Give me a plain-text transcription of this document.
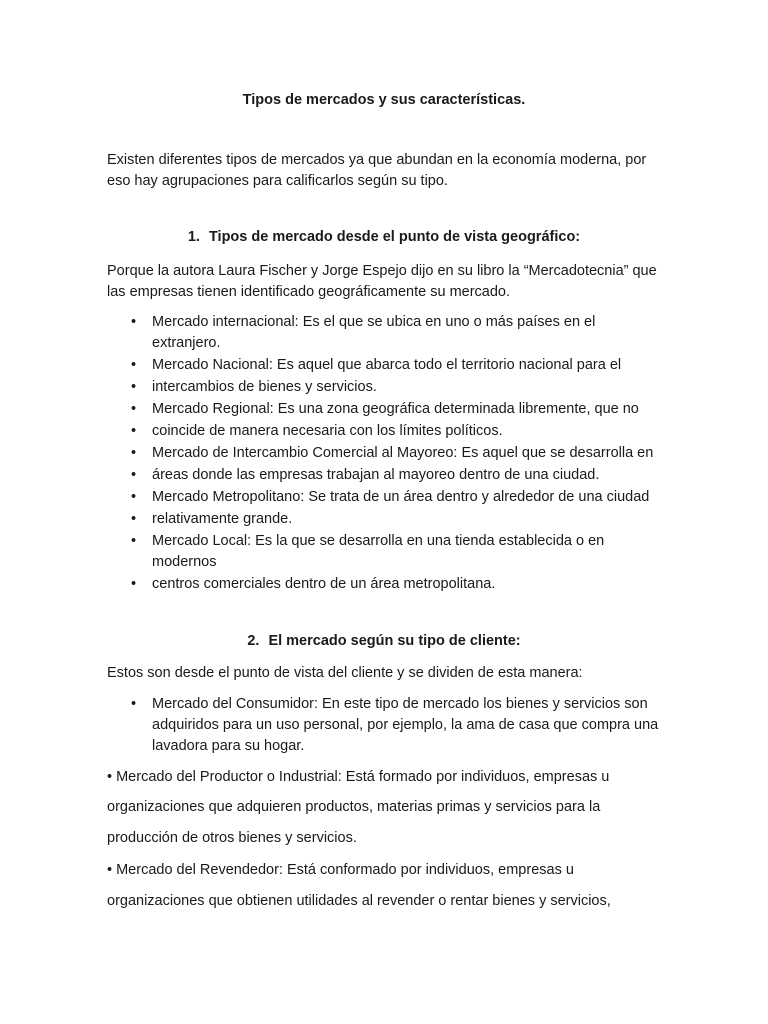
Tipos de mercados y sus características.
Existen diferentes tipos de mercados ya que abundan en la economía moderna, por eso hay agrupaciones para calificarlos según su tipo.
1. Tipos de mercado desde el punto de vista geográfico:
Porque la autora Laura Fischer y Jorge Espejo dijo en su libro la “Mercadotecnia” que las empresas tienen identificado geográficamente su mercado.
• Mercado internacional: Es el que se ubica en uno o más países en el extranjero.
• Mercado Nacional: Es aquel que abarca todo el territorio nacional para el
• intercambios de bienes y servicios.
• Mercado Regional: Es una zona geográfica determinada libremente, que no
• coincide de manera necesaria con los límites políticos.
• Mercado de Intercambio Comercial al Mayoreo: Es aquel que se desarrolla en
• áreas donde las empresas trabajan al mayoreo dentro de una ciudad.
• Mercado Metropolitano: Se trata de un área dentro y alrededor de una ciudad
• relativamente grande.
• Mercado Local: Es la que se desarrolla en una tienda establecida o en modernos
• centros comerciales dentro de un área metropolitana.
2. El mercado según su tipo de cliente:
Estos son desde el punto de vista del cliente y se dividen de esta manera:
• Mercado del Consumidor: En este tipo de mercado los bienes y servicios son adquiridos para un uso personal, por ejemplo, la ama de casa que compra una lavadora para su hogar.
• Mercado del Productor o Industrial: Está formado por individuos, empresas u
organizaciones que adquieren productos, materias primas y servicios para la
producción de otros bienes y servicios.
• Mercado del Revendedor: Está conformado por individuos, empresas u
organizaciones que obtienen utilidades al revender o rentar bienes y servicios,
